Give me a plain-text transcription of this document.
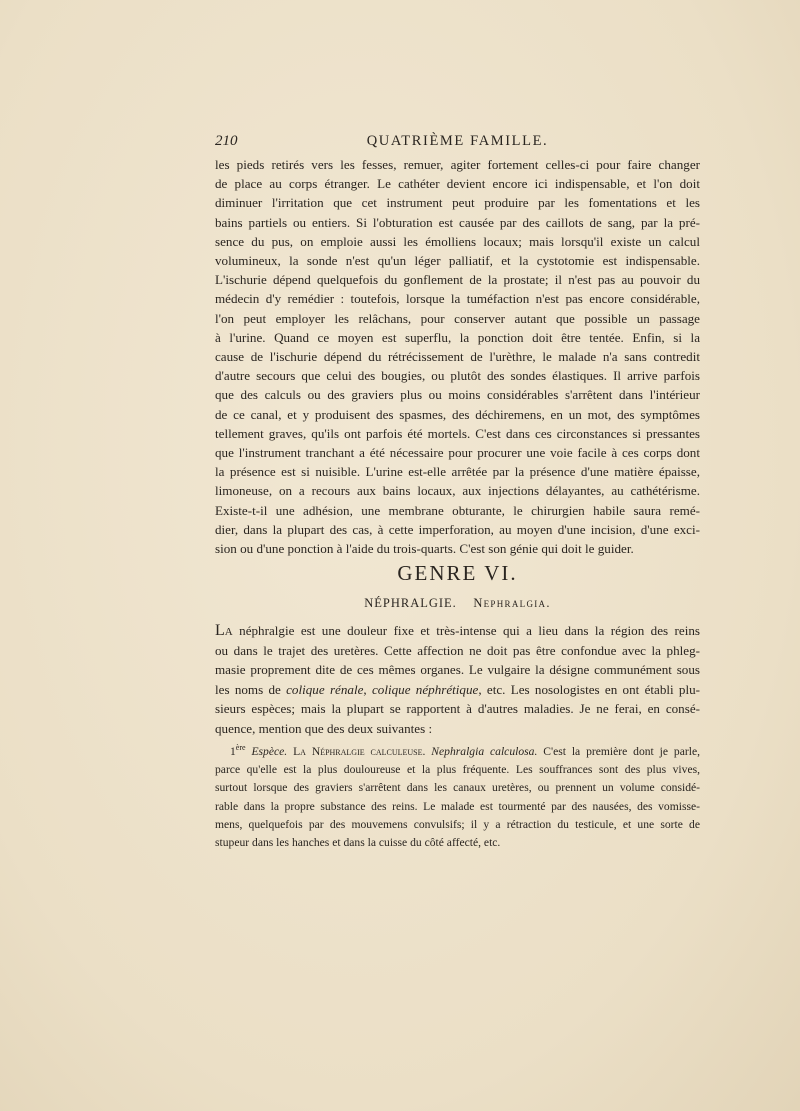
210	QUATRIÈME FAMILLE.
les pieds retirés vers les fesses, remuer, agiter fortement celles-ci pour faire changer
de place au corps étranger. Le cathéter devient encore ici indispensable, et l'on doit
diminuer l'irritation que cet instrument peut produire par les fomentations et les
bains partiels ou entiers. Si l'obturation est causée par des caillots de sang, par la pré-
sence du pus, on emploie aussi les émolliens locaux; mais lorsqu'il existe un calcul
volumineux, la sonde n'est qu'un léger palliatif, et la cystotomie est indispensable.
L'ischurie dépend quelquefois du gonflement de la prostate; il n'est pas au pouvoir du
médecin d'y remédier : toutefois, lorsque la tuméfaction n'est pas encore considérable,
l'on peut employer les relâchans, pour conserver autant que possible un passage
à l'urine. Quand ce moyen est superflu, la ponction doit être tentée. Enfin, si la
cause de l'ischurie dépend du rétrécissement de l'urèthre, le malade n'a sans contredit
d'autre secours que celui des bougies, ou plutôt des sondes élastiques. Il arrive parfois
que des calculs ou des graviers plus ou moins considérables s'arrêtent dans l'intérieur
de ce canal, et y produisent des spasmes, des déchiremens, en un mot, des symptômes
tellement graves, qu'ils ont parfois été mortels. C'est dans ces circonstances si pressantes
que l'instrument tranchant a été nécessaire pour procurer une voie facile à ces corps dont
la présence est si nuisible. L'urine est-elle arrêtée par la présence d'une matière épaisse,
limoneuse, on a recours aux bains locaux, aux injections délayantes, au cathétérisme.
Existe-t-il une adhésion, une membrane obturante, le chirurgien habile saura remé-
dier, dans la plupart des cas, à cette imperforation, au moyen d'une incision, d'une exci-
sion ou d'une ponction à l'aide du trois-quarts. C'est son génie qui doit le guider.
GENRE VI.
NÉPHRALGIE. Nephralgia.
La néphralgie est une douleur fixe et très-intense qui a lieu dans la région des reins
ou dans le trajet des uretères. Cette affection ne doit pas être confondue avec la phleg-
masie proprement dite de ces mêmes organes. Le vulgaire la désigne communément sous
les noms de colique rénale, colique néphrétique, etc. Les nosologistes en ont établi plu-
sieurs espèces; mais la plupart se rapportent à d'autres maladies. Je ne ferai, en consé-
quence, mention que des deux suivantes :
1ère Espèce. La Néphralgie calculeuse. Nephralgia calculosa. C'est la première dont je parle,
parce qu'elle est la plus douloureuse et la plus fréquente. Les souffrances sont des plus vives,
surtout lorsque des graviers s'arrêtent dans les canaux uretères, ou prennent un volume considé-
rable dans la propre substance des reins. Le malade est tourmenté par des nausées, des vomisse-
mens, quelquefois par des mouvemens convulsifs; il y a rétraction du testicule, et une sorte de
stupeur dans les hanches et dans la cuisse du côté affecté, etc.
